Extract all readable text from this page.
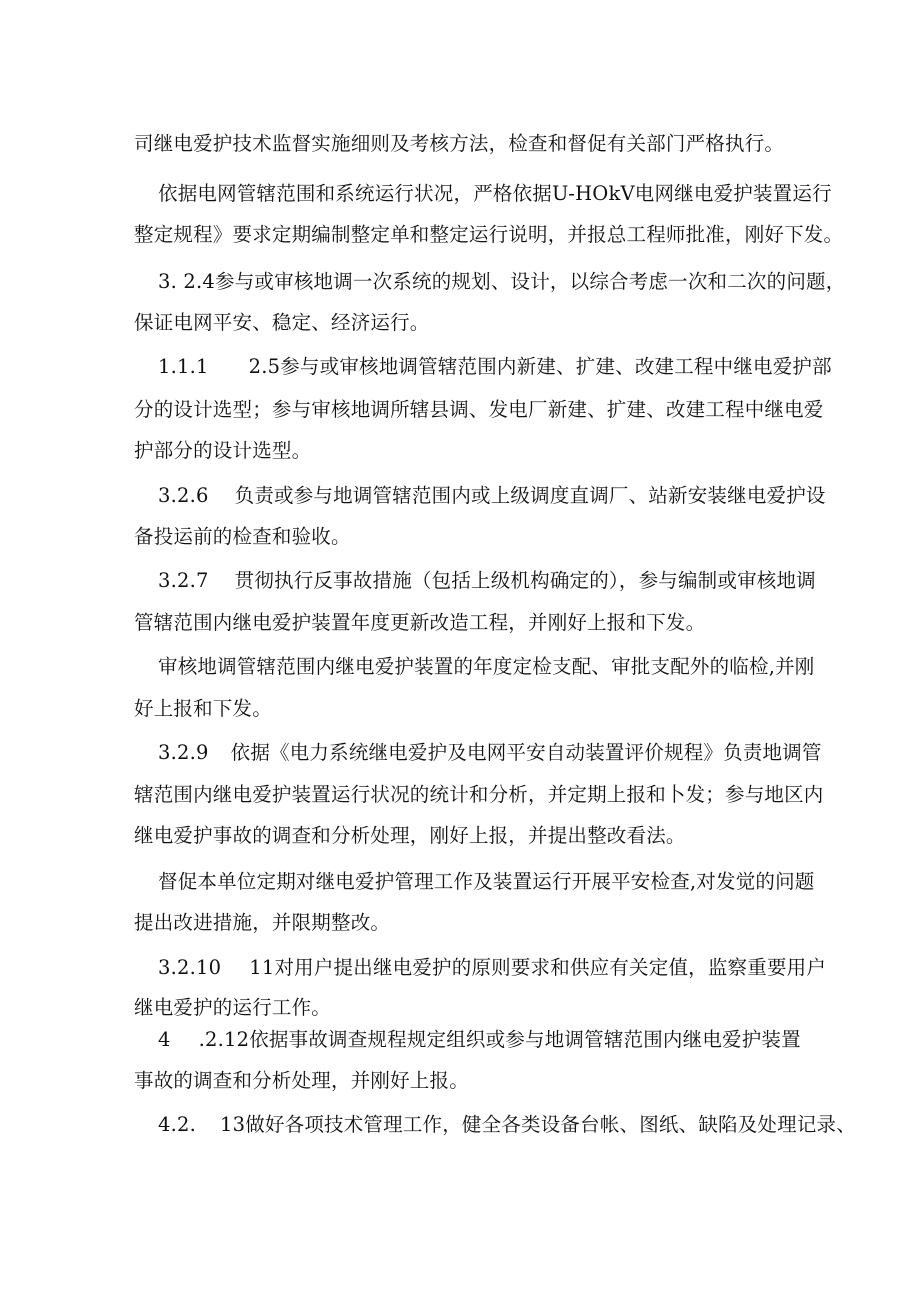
司继电爱护技术监督实施细则及考核方法，检查和督促有关部门严格执行。
依据电网管辖范围和系统运行状况，严格依据U-HOkV电网继电爱护装置运行
整定规程》要求定期编制整定单和整定运行说明，并报总工程师批准，刚好下发。
3. 2.4参与或审核地调一次系统的规划、设计，以综合考虑一次和二次的问题，
保证电网平安、稳定、经济运行。
1.1.1 2.5参与或审核地调管辖范围内新建、扩建、改建工程中继电爱护部
分的设计选型；参与审核地调所辖县调、发电厂新建、扩建、改建工程中继电爱
护部分的设计选型。
3.2.6 负责或参与地调管辖范围内或上级调度直调厂、站新安装继电爱护设
备投运前的检查和验收。
3.2.7 贯彻执行反事故措施（包括上级机构确定的），参与编制或审核地调
管辖范围内继电爱护装置年度更新改造工程，并刚好上报和下发。
审核地调管辖范围内继电爱护装置的年度定检支配、审批支配外的临检,并刚
好上报和下发。
3.2.9 依据《电力系统继电爱护及电网平安自动装置评价规程》负责地调管
辖范围内继电爱护装置运行状况的统计和分析，并定期上报和卜发；参与地区内
继电爱护事故的调查和分析处理，刚好上报，并提出整改看法。
督促本单位定期对继电爱护管理工作及装置运行开展平安检查,对发觉的问题
提出改进措施，并限期整改。
3.2.10 11对用户提出继电爱护的原则要求和供应有关定值，监察重要用户
继电爱护的运行工作。
4 .2.12依据事故调查规程规定组织或参与地调管辖范围内继电爱护装置
事故的调查和分析处理，并刚好上报。
4.2. 13做好各项技术管理工作，健全各类设备台帐、图纸、缺陷及处理记录、
